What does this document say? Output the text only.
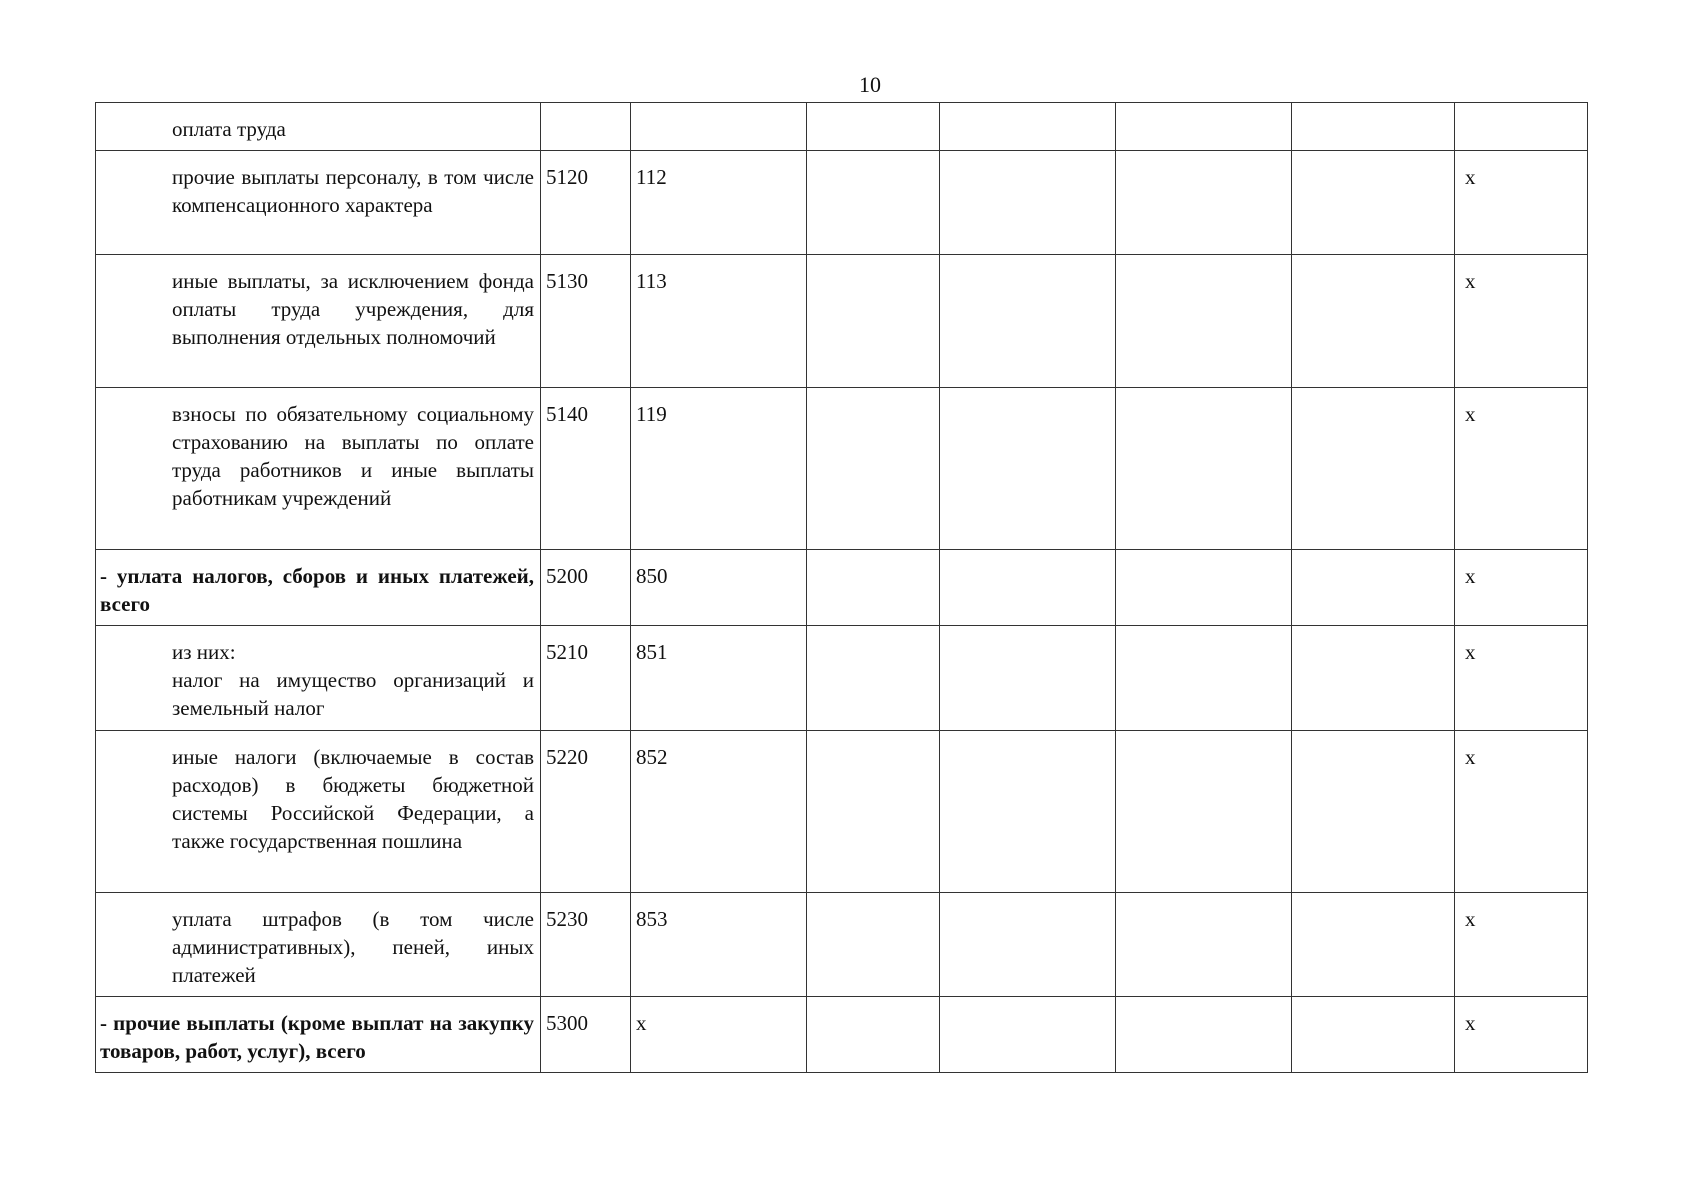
10
оплата труда							
прочие выплаты персоналу, в том числе компенсационного характера	5120	112					x
иные выплаты, за исключением фонда оплаты труда учреждения, для выполнения отдельных полномочий	5130	113					x
взносы по обязательному социальному страхованию на выплаты по оплате труда работников и иные выплаты работникам учреждений	5140	119					x
- уплата налогов, сборов и иных платежей, всего	5200	850					x

из них:
налог на имущество организаций и земельный налог	5210	851					x
иные налоги (включаемые в состав расходов) в бюджеты бюджетной системы Российской Федерации, а также государственная пошлина	5220	852					x
уплата штрафов (в том числе административных), пеней, иных платежей	5230	853					x
- прочие выплаты (кроме выплат на закупку товаров, работ, услуг), всего	5300	x					x
